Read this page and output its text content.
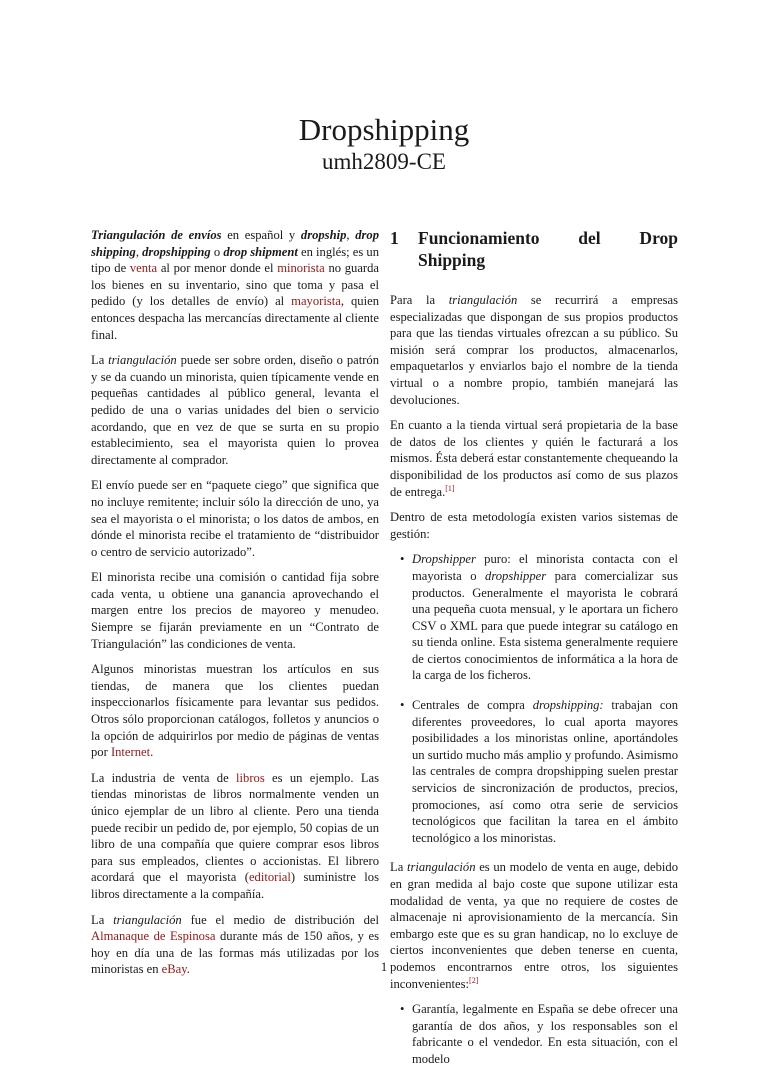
Dropshipping
umh2809-CE

Triangulación de envíos en español y dropship, drop shipping, dropshipping o drop shipment en inglés; es un tipo de venta al por menor donde el minorista no guarda los bienes en su inventario, sino que toma y pasa el pedido (y los detalles de envío) al mayorista, quien entonces despacha las mercancías directamente al cliente final.

La triangulación puede ser sobre orden, diseño o patrón y se da cuando un minorista, quien típicamente vende en pequeñas cantidades al público general, levanta el pedido de una o varias unidades del bien o servicio acordando, que en vez de que se surta en su propio establecimiento, sea el mayorista quien lo provea directamente al comprador.

El envío puede ser en “paquete ciego” que significa que no incluye remitente; incluir sólo la dirección de uno, ya sea el mayorista o el minorista; o los datos de ambos, en dónde el minorista recibe el tratamiento de “distribuidor o centro de servicio autorizado”.

El minorista recibe una comisión o cantidad fija sobre cada venta, u obtiene una ganancia aprovechando el margen entre los precios de mayoreo y menudeo. Siempre se fijarán previamente en un “Contrato de Triangulación” las condiciones de venta.

Algunos minoristas muestran los artículos en sus tiendas, de manera que los clientes puedan inspeccionarlos físicamente para levantar sus pedidos. Otros sólo proporcionan catálogos, folletos y anuncios o la opción de adquirirlos por medio de páginas de ventas por Internet.

La industria de venta de libros es un ejemplo. Las tiendas minoristas de libros normalmente venden un único ejemplar de un libro al cliente. Pero una tienda puede recibir un pedido de, por ejemplo, 50 copias de un libro de una compañía que quiere comprar esos libros para sus empleados, clientes o accionistas. El librero acordará que el mayorista (editorial) suministre los libros directamente a la compañía.

La triangulación fue el medio de distribución del Almanaque de Espinosa durante más de 150 años, y es hoy en día una de las formas más utilizadas por los minoristas en eBay.

1	Funcionamiento del Drop Shipping

Para la triangulación se recurrirá a empresas especializadas que dispongan de sus propios productos para que las tiendas virtuales ofrezcan a su público. Su misión será comprar los productos, almacenarlos, empaquetarlos y enviarlos bajo el nombre de la tienda virtual o a nombre propio, también manejará las devoluciones.

En cuanto a la tienda virtual será propietaria de la base de datos de los clientes y quién le facturará a los mismos. Ésta deberá estar constantemente chequeando la disponibilidad de los productos así como de sus plazos de entrega.[1]

Dentro de esta metodología existen varios sistemas de gestión:

• Dropshipper puro: el minorista contacta con el mayorista o dropshipper para comercializar sus productos. Generalmente el mayorista le cobrará una pequeña cuota mensual, y le aportara un fichero CSV o XML para que puede integrar su catálogo en su tienda online. Esta sistema generalmente requiere de ciertos conocimientos de informática a la hora de la carga de los ficheros.
• Centrales de compra dropshipping: trabajan con diferentes proveedores, lo cual aporta mayores posibilidades a los minoristas online, aportándoles un surtido mucho más amplio y profundo. Asimismo las centrales de compra dropshipping suelen prestar servicios de sincronización de productos, precios, promociones, así como otra serie de servicios tecnológicos que facilitan la tarea en el ámbito tecnológico a los minoristas.

La triangulación es un modelo de venta en auge, debido en gran medida al bajo coste que supone utilizar esta modalidad de venta, ya que no requiere de costes de almacenaje ni aprovisionamiento de la mercancía. Sin embargo este que es su gran handicap, no lo excluye de ciertos inconvenientes que deben tenerse en cuenta, podemos encontrarnos entre otros, los siguientes inconvenientes:[2]

• Garantía, legalmente en España se debe ofrecer una garantía de dos años, y los responsables son el fabricante o el vendedor. En esta situación, con el modelo
1
